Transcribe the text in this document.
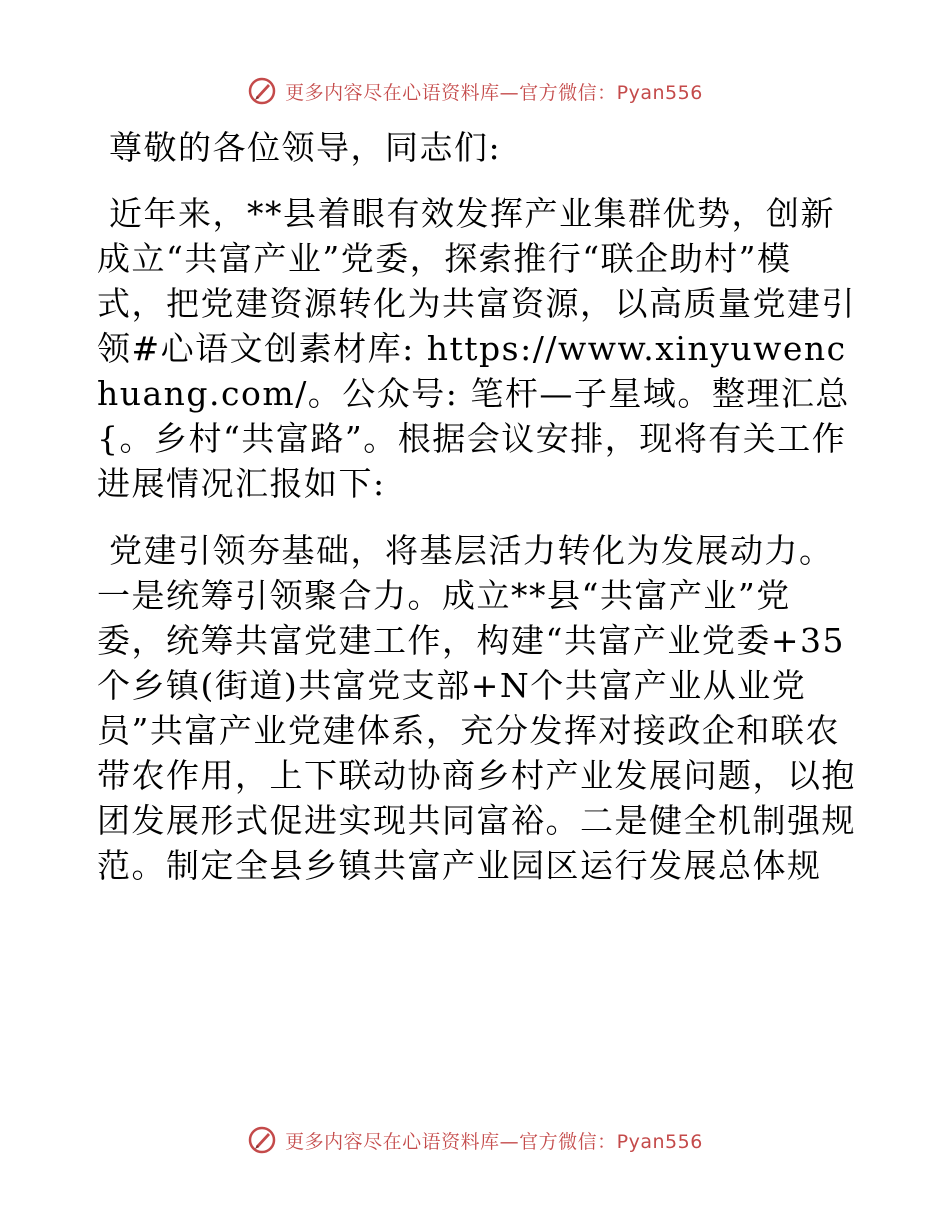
更多内容尽在心语资料库—官方微信：Pyan556

尊敬的各位领导，同志们:

近年来，**县着眼有效发挥产业集群优势，创新成立“共富产业”党委，探索推行“联企助村”模式，把党建资源转化为共富资源，以高质量党建引领#心语文创素材库: https://www.xinyuwenchuang.com/。公众号: 笔杆—子星域。整理汇总{。乡村“共富路”。根据会议安排，现将有关工作进展情况汇报如下:

党建引领夯基础，将基层活力转化为发展动力。一是统筹引领聚合力。成立**县“共富产业”党委，统筹共富党建工作，构建“共富产业党委+35个乡镇(街道)共富党支部+N个共富产业从业党员”共富产业党建体系，充分发挥对接政企和联农带农作用，上下联动协商乡村产业发展问题，以抱团发展形式促进实现共同富裕。二是健全机制强规范。制定全县乡镇共富产业园区运行发展总体规

更多内容尽在心语资料库—官方微信：Pyan556
